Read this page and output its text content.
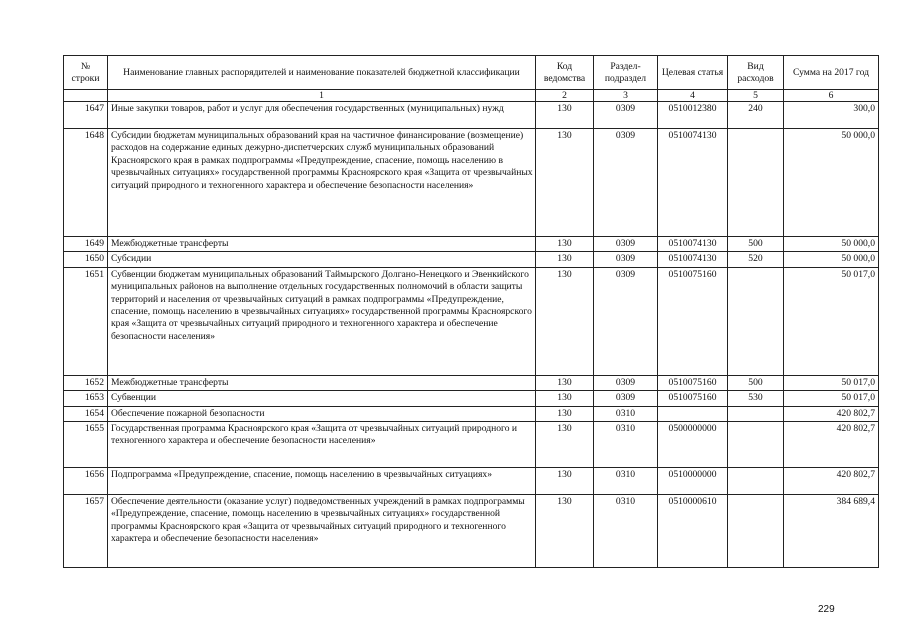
№ строки	Наименование главных распорядителей и наименование показателей бюджетной классификации	Код ведомства	Раздел-подраздел	Целевая статья	Вид расходов	Сумма на 2017 год
	1	2	3	4	5	6
1647	Иные закупки товаров, работ и услуг для обеспечения государственных (муниципальных) нужд	130	0309	0510012380	240	300,0
1648	Субсидии бюджетам муниципальных образований края на частичное финансирование (возмещение) расходов на содержание единых дежурно-диспетчерских служб муниципальных образований Красноярского края в рамках подпрограммы «Предупреждение, спасение, помощь населению в чрезвычайных ситуациях» государственной программы Красноярского края «Защита от чрезвычайных ситуаций природного и техногенного характера и обеспечение безопасности населения»	130	0309	0510074130		50 000,0
1649	Межбюджетные трансферты	130	0309	0510074130	500	50 000,0
1650	Субсидии	130	0309	0510074130	520	50 000,0
1651	Субвенции бюджетам муниципальных образований Таймырского Долгано-Ненецкого и Эвенкийского муниципальных районов на выполнение отдельных государственных полномочий в области защиты территорий и населения от чрезвычайных ситуаций в рамках подпрограммы «Предупреждение, спасение, помощь населению в чрезвычайных ситуациях» государственной программы Красноярского края «Защита от чрезвычайных ситуаций природного и техногенного характера и обеспечение безопасности населения»	130	0309	0510075160		50 017,0
1652	Межбюджетные трансферты	130	0309	0510075160	500	50 017,0
1653	Субвенции	130	0309	0510075160	530	50 017,0
1654	Обеспечение пожарной безопасности	130	0310			420 802,7
1655	Государственная программа Красноярского края «Защита от чрезвычайных ситуаций природного и техногенного характера и обеспечение безопасности населения»	130	0310	0500000000		420 802,7
1656	Подпрограмма «Предупреждение, спасение, помощь населению в чрезвычайных ситуациях»	130	0310	0510000000		420 802,7
1657	Обеспечение деятельности (оказание услуг) подведомственных учреждений в рамках подпрограммы «Предупреждение, спасение, помощь населению в чрезвычайных ситуациях» государственной программы Красноярского края «Защита от чрезвычайных ситуаций природного и техногенного характера и обеспечение безопасности населения»	130	0310	0510000610		384 689,4
229
